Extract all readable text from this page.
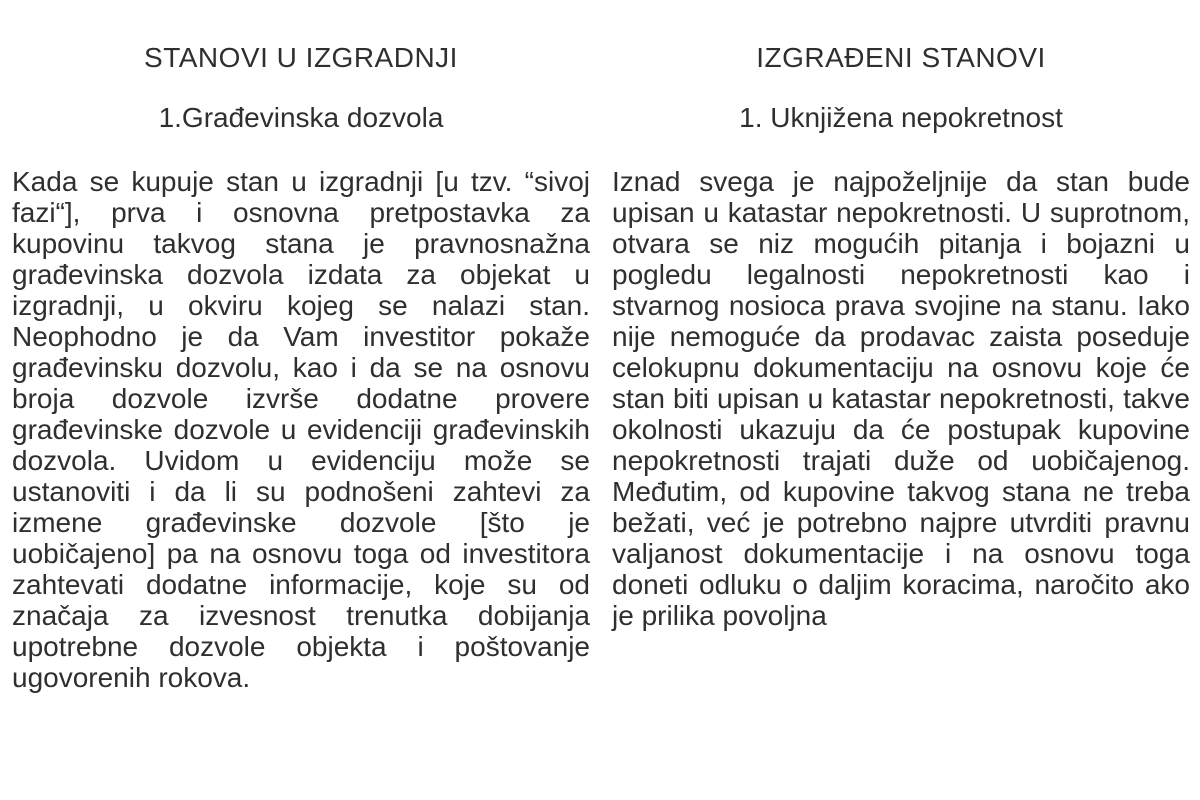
STANOVI U IZGRADNJI
1.Građevinska dozvola

Kada se kupuje stan u izgradnji [u tzv. “sivoj fazi“], prva i osnovna pretpostavka za kupovinu takvog stana je pravnosnažna građevinska dozvola izdata za objekat u izgradnji, u okviru kojeg se nalazi stan. Neophodno je da Vam investitor pokaže građevinsku dozvolu, kao i da se na osnovu broja dozvole izvrše dodatne provere građevinske dozvole u evidenciji građevinskih dozvola. Uvidom u evidenciju može se ustanoviti i da li su podnošeni zahtevi za izmene građevinske dozvole [što je uobičajeno] pa na osnovu toga od investitora zahtevati dodatne informacije, koje su od značaja za izvesnost trenutka dobijanja upotrebne dozvole objekta i poštovanje ugovorenih rokova.

IZGRAĐENI STANOVI
1. Uknjižena nepokretnost

Iznad svega je najpoželjnije da stan bude upisan u katastar nepokretnosti. U suprotnom, otvara se niz mogućih pitanja i bojazni u pogledu legalnosti nepokretnosti kao i stvarnog nosioca prava svojine na stanu. Iako nije nemoguće da prodavac zaista poseduje celokupnu dokumentaciju na osnovu koje će stan biti upisan u katastar nepokretnosti, takve okolnosti ukazuju da će postupak kupovine nepokretnosti trajati duže od uobičajenog. Međutim, od kupovine takvog stana ne treba bežati, već je potrebno najpre utvrditi pravnu valjanost dokumentacije i na osnovu toga doneti odluku o daljim koracima, naročito ako je prilika povoljna
